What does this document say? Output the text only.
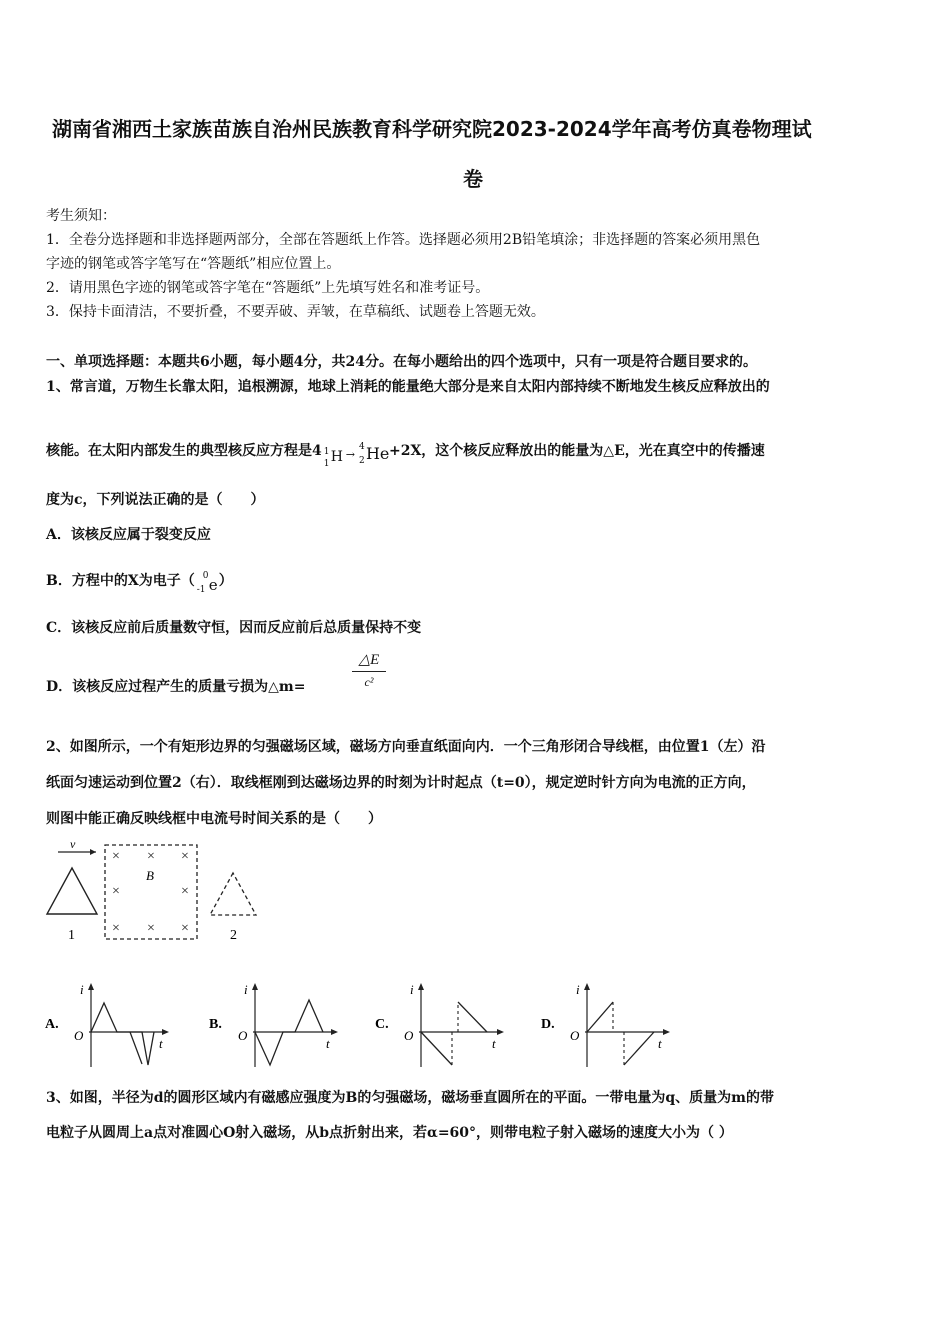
湖南省湘西土家族苗族自治州民族教育科学研究院2023-2024学年高考仿真卷物理试
卷
考生须知：
1．全卷分选择题和非选择题两部分，全部在答题纸上作答。选择题必须用2B铅笔填涂；非选择题的答案必须用黑色
字迹的钢笔或答字笔写在“答题纸”相应位置上。
2．请用黑色字迹的钢笔或答字笔在“答题纸”上先填写姓名和准考证号。
3．保持卡面清洁，不要折叠，不要弄破、弄皱，在草稿纸、试题卷上答题无效。
一、单项选择题：本题共6小题，每小题4分，共24分。在每小题给出的四个选项中，只有一项是符合题目要求的。
1、常言道，万物生长靠太阳，追根溯源，地球上消耗的能量绝大部分是来自太阳内部持续不断地发生核反应释放出的
核能。在太阳内部发生的典型核反应方程是4 1
1 H $_\to$
4
2 He +2X，这个核反应释放出的能量为△E，光在真空中的传播速
度为c，下列说法正确的是（　　）
A．该核反应属于裂变反应
B．方程中的X为电子（ 0
-1 e ）
C．该核反应前后质量数守恒，因而反应前后总质量保持不变
D．该核反应过程产生的质量亏损为△m=
△E
c²
2、如图所示，一个有矩形边界的匀强磁场区域，磁场方向垂直纸面向内．一个三角形闭合导线框，由位置1（左）沿
纸面匀速运动到位置2（右）．取线框刚到达磁场边界的时刻为计时起点（t=0），规定逆时针方向为电流的正方向，
则图中能正确反映线框中电流号时间关系的是（　　）
v
1
× × ×
×	×
× × ×
B
2
A.
i
t
O
B.
i
t
O
C.
i
t
O
D.
i
t
O
3、如图，半径为d的圆形区域内有磁感应强度为B的匀强磁场，磁场垂直圆所在的平面。一带电量为q、质量为m的带
电粒子从圆周上a点对准圆心O射入磁场，从b点折射出来，若α=60°，则带电粒子射入磁场的速度大小为（ ）
